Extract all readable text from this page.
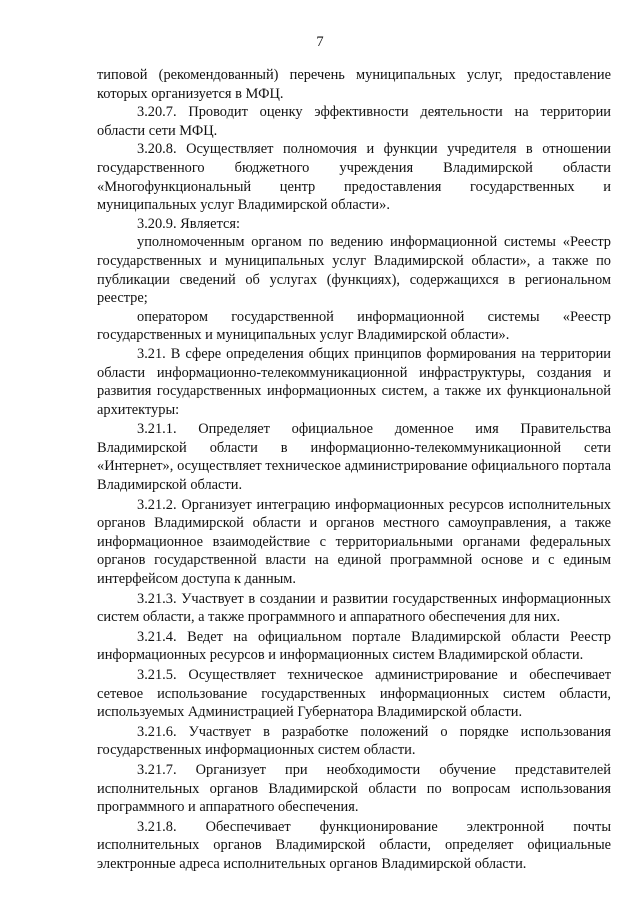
7

типовой (рекомендованный) перечень муниципальных услуг, предоставление которых организуется в МФЦ.

3.20.7. Проводит оценку эффективности деятельности на территории области сети МФЦ.

3.20.8. Осуществляет полномочия и функции учредителя в отношении государственного бюджетного учреждения Владимирской области «Многофункциональный центр предоставления государственных и муниципальных услуг Владимирской области».

3.20.9. Является:

уполномоченным органом по ведению информационной системы «Реестр государственных и муниципальных услуг Владимирской области», а также по публикации сведений об услугах (функциях), содержащихся в региональном реестре;

оператором государственной информационной системы «Реестр государственных и муниципальных услуг Владимирской области».

3.21. В сфере определения общих принципов формирования на территории области информационно-телекоммуникационной инфраструктуры, создания и развития государственных информационных систем, а также их функциональной архитектуры:

3.21.1. Определяет официальное доменное имя Правительства Владимирской области в информационно-телекоммуникационной сети «Интернет», осуществляет техническое администрирование официального портала Владимирской области.

3.21.2. Организует интеграцию информационных ресурсов исполнительных органов Владимирской области и органов местного самоуправления, а также информационное взаимодействие с территориальными органами федеральных органов государственной власти на единой программной основе и с единым интерфейсом доступа к данным.

3.21.3. Участвует в создании и развитии государственных информационных систем области, а также программного и аппаратного обеспечения для них.

3.21.4. Ведет на официальном портале Владимирской области Реестр информационных ресурсов и информационных систем Владимирской области.

3.21.5. Осуществляет техническое администрирование и обеспечивает сетевое использование государственных информационных систем области, используемых Администрацией Губернатора Владимирской области.

3.21.6. Участвует в разработке положений о порядке использования государственных информационных систем области.

3.21.7. Организует при необходимости обучение представителей исполнительных органов Владимирской области по вопросам использования программного и аппаратного обеспечения.

3.21.8. Обеспечивает функционирование электронной почты исполнительных органов Владимирской области, определяет официальные электронные адреса исполнительных органов Владимирской области.
